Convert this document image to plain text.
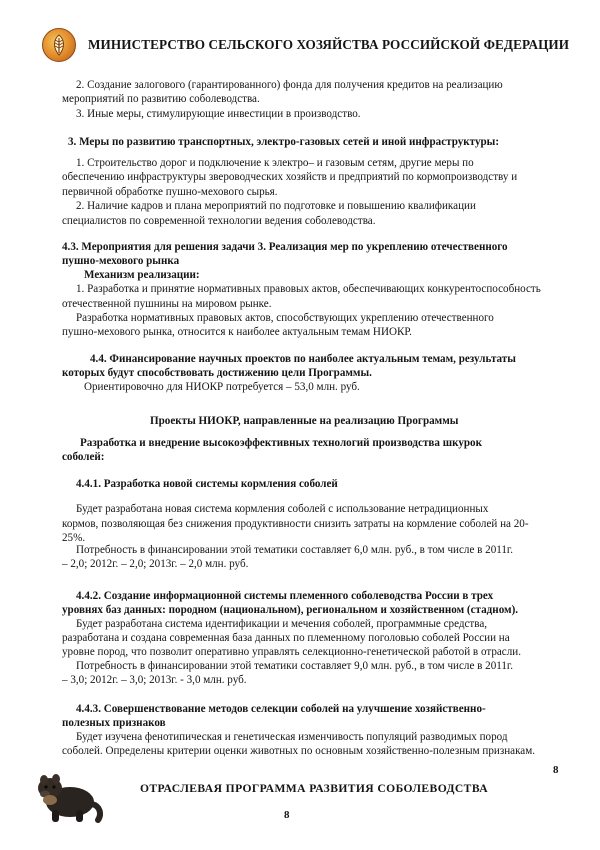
МИНИСТЕРСТВО СЕЛЬСКОГО ХОЗЯЙСТВА РОССИЙСКОЙ ФЕДЕРАЦИИ
2. Создание залогового (гарантированного) фонда для получения кредитов на реализацию
мероприятий по развитию соболеводства.
3. Иные меры, стимулирующие инвестиции в производство.
3. Меры по развитию транспортных, электро-газовых сетей и иной инфраструктуры:
1. Строительство дорог и подключение к электро– и газовым сетям, другие меры по
обеспечению инфраструктуры звероводческих хозяйств и предприятий по кормопроизводству и
первичной обработке пушно-мехового сырья.
2. Наличие кадров и плана мероприятий по подготовке и повышению квалификации
специалистов по современной технологии ведения соболеводства.
4.3. Мероприятия для решения задачи 3. Реализация мер по укреплению отечественного
пушно-мехового рынка
Механизм реализации:
1. Разработка и принятие нормативных правовых актов, обеспечивающих конкурентоспособность
отечественной пушнины на мировом рынке.
Разработка нормативных правовых актов, способствующих укреплению отечественного
пушно-мехового рынка, относится к наиболее актуальным темам НИОКР.
4.4. Финансирование научных проектов по наиболее актуальным темам, результаты
которых будут способствовать достижению цели Программы.
Ориентировочно для НИОКР потребуется – 53,0 млн. руб.
Проекты НИОКР, направленные на реализацию Программы
Разработка и внедрение высокоэффективных технологий производства шкурок
соболей:
4.4.1. Разработка новой системы кормления соболей
Будет разработана новая система кормления соболей с использование нетрадиционных
кормов, позволяющая без снижения продуктивности снизить затраты на кормление соболей на 20-
25%.
Потребность в финансировании этой тематики составляет 6,0 млн. руб., в том числе в 2011г.
– 2,0; 2012г. – 2,0; 2013г. – 2,0 млн. руб.
4.4.2. Создание информационной системы племенного соболеводства России в трех
уровнях баз данных: породном (национальном), региональном и хозяйственном (стадном).
Будет разработана система идентификации и мечения соболей, программные средства,
разработана и создана современная база данных по племенному поголовью соболей России на
уровне пород, что позволит оперативно управлять селекционно-генетической работой в отрасли.
Потребность в финансировании этой тематики составляет 9,0 млн. руб., в том числе в 2011г.
– 3,0; 2012г. – 3,0; 2013г. - 3,0 млн. руб.
4.4.3. Совершенствование методов селекции соболей на улучшение хозяйственно-
полезных признаков
Будет изучена фенотипическая и генетическая изменчивость популяций разводимых пород
соболей. Определены критерии оценки животных по основным хозяйственно-полезным признакам.
8
ОТРАСЛЕВАЯ ПРОГРАММА РАЗВИТИЯ СОБОЛЕВОДСТВА
8
